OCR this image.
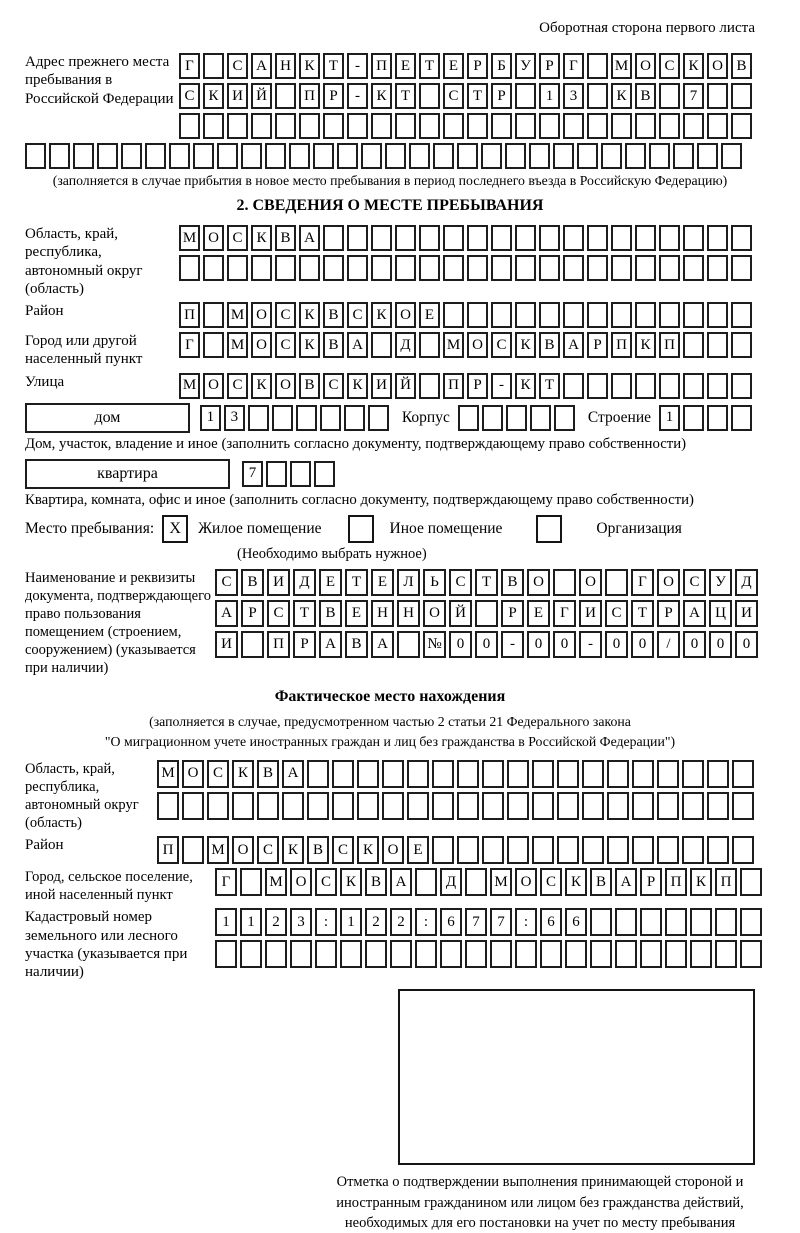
Оборотная сторона первого листа
Адрес прежнего места пребывания в Российской Федерации
Г	С А Н К Т	-	П Е Т Е	Р	Б У Р	Г	М О С К О В
С К И Й	П Р	-	К Т	С Т	Р	1	3	К В	7
(заполняется в случае прибытия в новое место пребывания в период последнего въезда в Российскую Федерацию)
2. СВЕДЕНИЯ О МЕСТЕ ПРЕБЫВАНИЯ
Область, край, республика, автономный округ (область)
М О С К В А
Район	П	М О С К В С К О Е
Город или другой населенный пункт
Г	М О С К В А	Д	М О С К В А Р П К П
Улица	М О С К О В С К И Й	П Р	-	К Т
дом	1	3	Корпус	Строение 1
Дом, участок, владение и иное (заполнить согласно документу, подтверждающему право собственности)
квартира	7
Квартира, комната, офис и иное (заполнить согласно документу, подтверждающему право собственности)
Место пребывания: X	Жилое помещение	Иное помещение	Организация
(Необходимо выбрать нужное)
Наименование и реквизиты документа, подтверждающего право пользования помещением (строением, сооружением) (указывается при наличии)
С	В	И	Д	Е	Т	Е	Л	Ь	С	Т	В	О	О	Г	О	С	У	Д
А	Р	С	Т	В	Е	Н	Н	О	Й	Р	Е	Г	И	С	Т	Р	А	Ц	И
И	П	Р	А	В	А	№	0	0	-	0	0	-	0	0	/	0	0	0
Фактическое место нахождения
(заполняется в случае, предусмотренном частью 2 статьи 21 Федерального закона
"О миграционном учете иностранных граждан и лиц без гражданства в Российской Федерации")
Область, край, республика, автономный округ (область)
М О С К В А
Район	П	М О С К В С К О Е
Город, сельское поселение, иной населенный пункт
Г	М О С К В А	Д	М О С К В А	Р	П К П
Кадастровый номер земельного или лесного участка (указывается при наличии)
1	1	2	3	:	1	2	2	:	6	7	7	:	6	6
Отметка о подтверждении выполнения принимающей стороной и иностранным гражданином или лицом без гражданства действий, необходимых для его постановки на учет по месту пребывания
